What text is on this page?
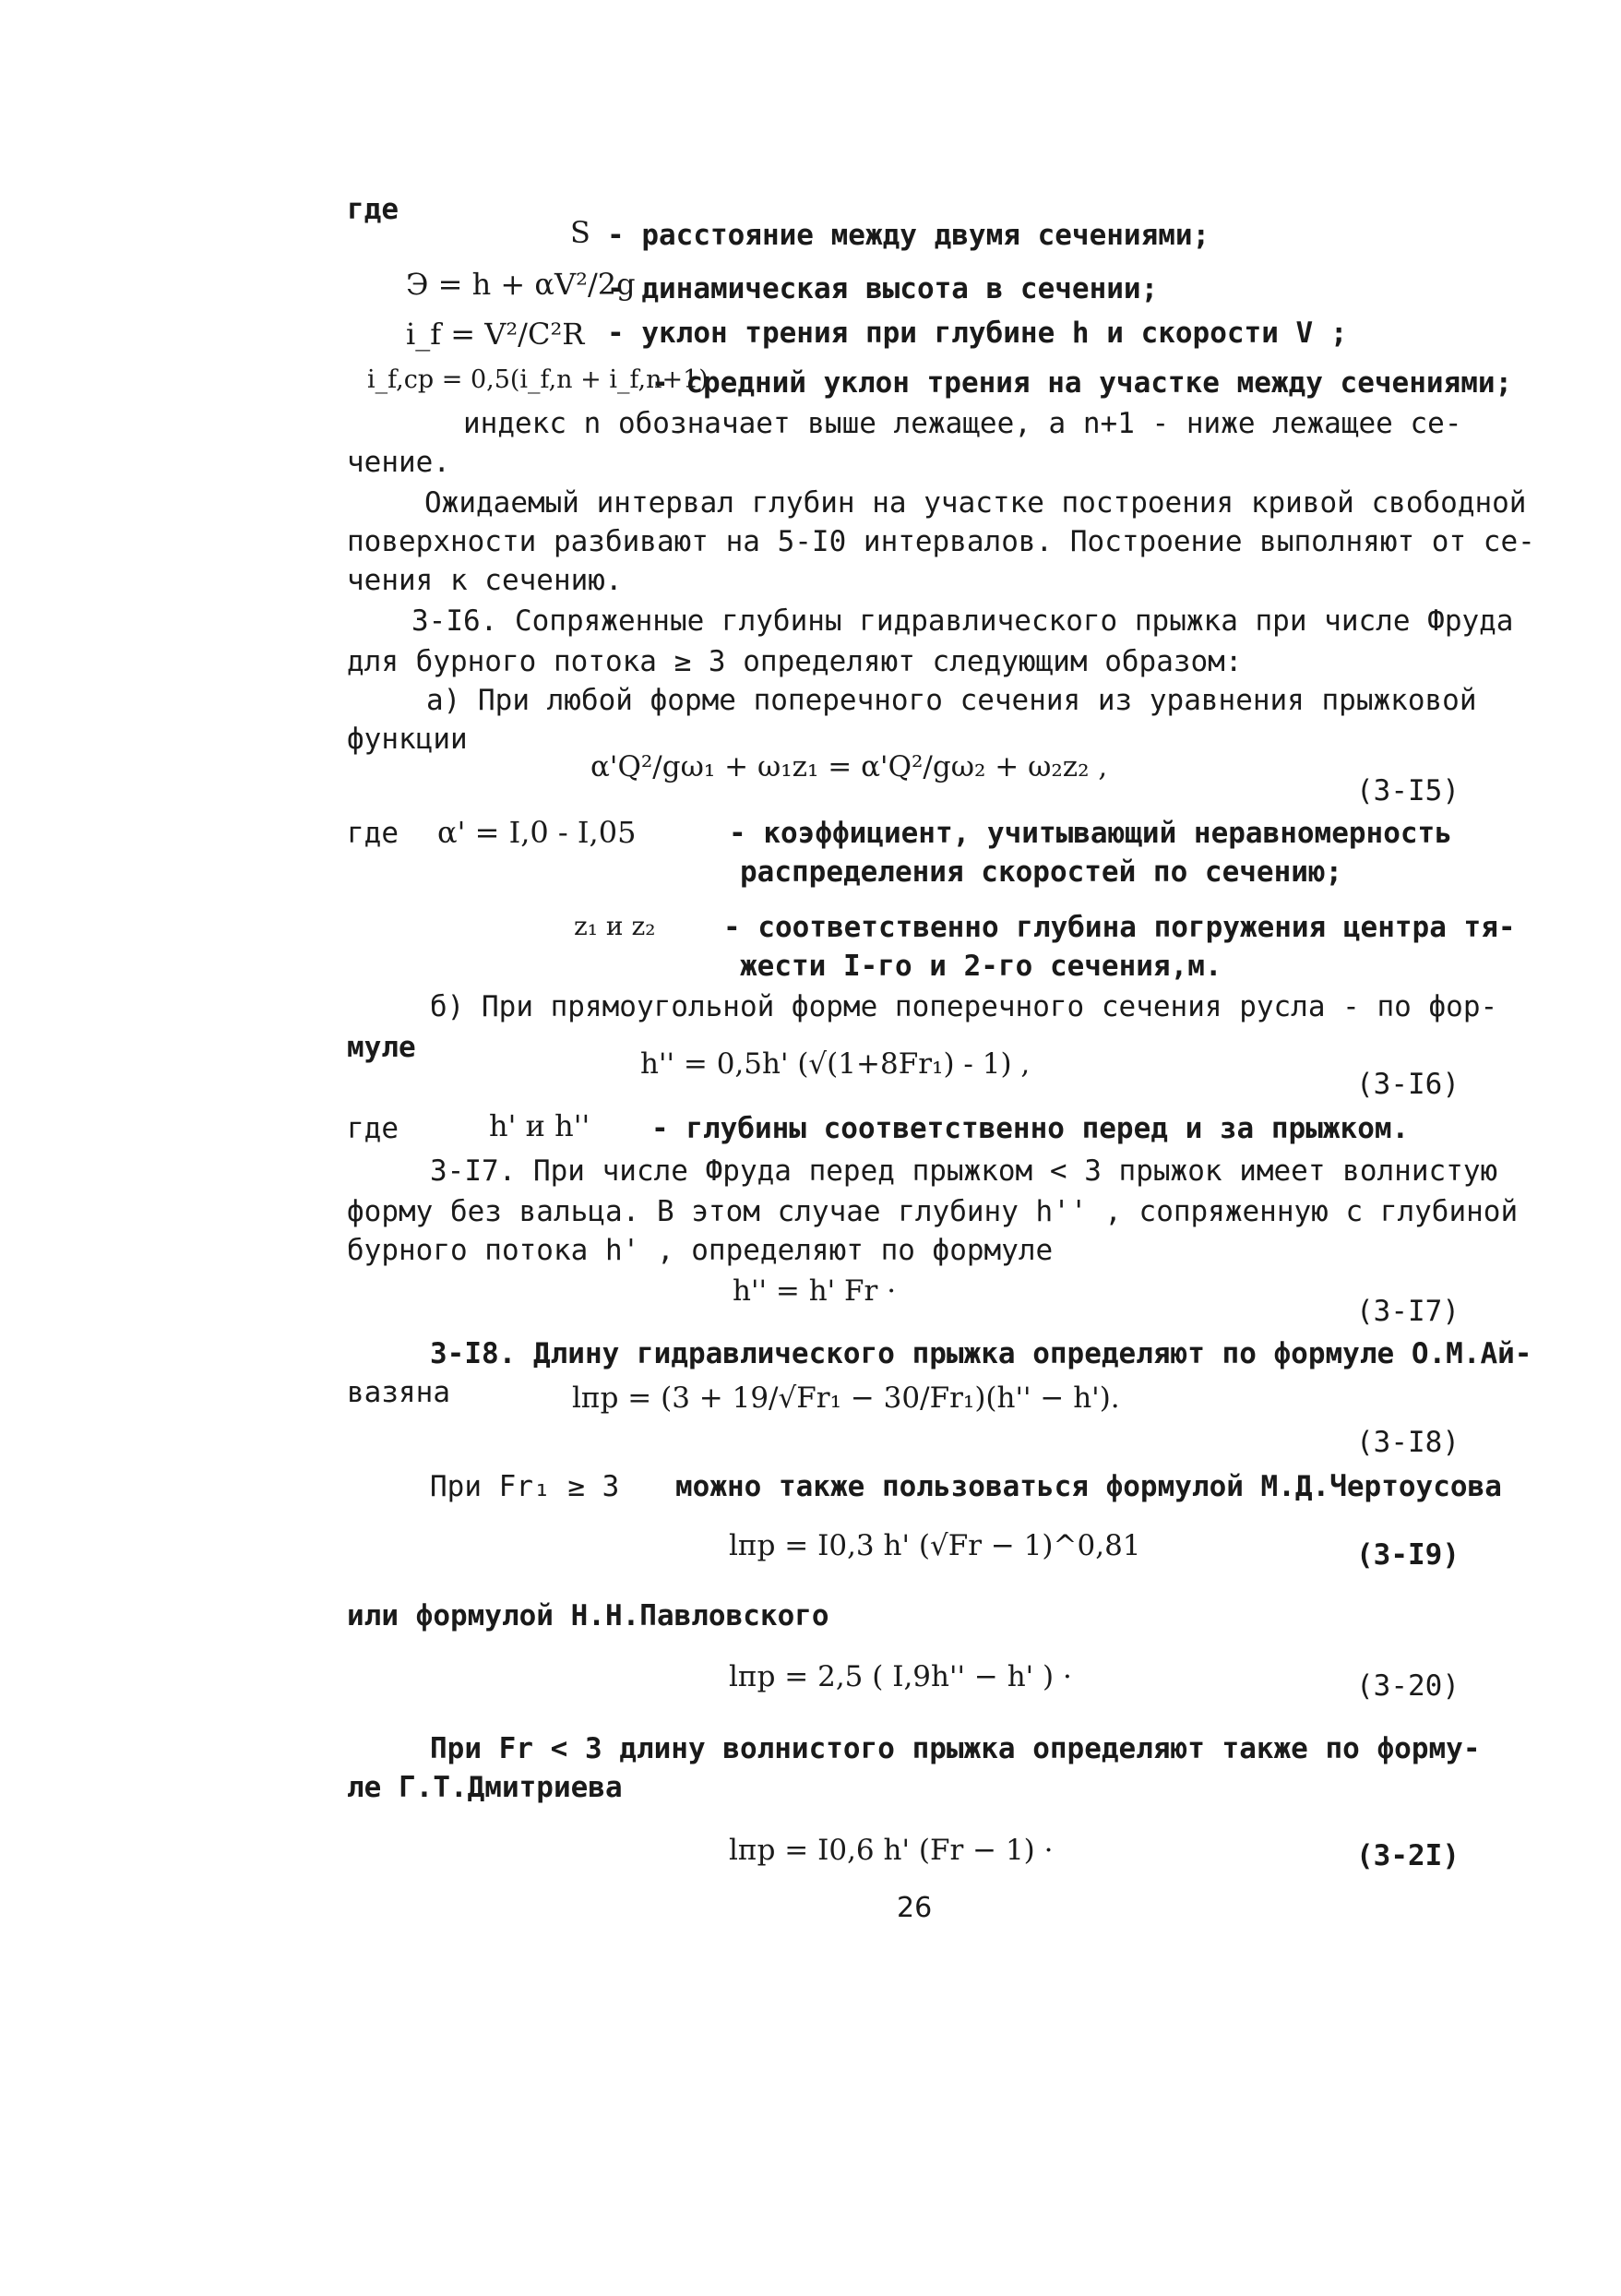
где
S - расстояние между двумя сечениями;
Э = h + αV²/2g
- динамическая высота в сечении;
i_f = V²/C²R - уклон трения при глубине h и скорости V ;
i_f,cp = 0,5(i_f,n + i_f,n+1)
- средний уклон трения на участке между сечениями;
индекс n обозначает выше лежащее, а n+1 - ниже лежащее се-
чение.
Ожидаемый интервал глубин на участке построения кривой свободной
поверхности разбивают на 5-I0 интервалов. Построение выполняют от се-
чения к сечению.
3-I6. Сопряженные глубины гидравлического прыжка при числе Фруда
для бурного потока ≥ 3 определяют следующим образом:
а) При любой форме поперечного сечения из уравнения прыжковой
функции
α'Q²/gω₁ + ω₁z₁ = α'Q²/gω₂ + ω₂z₂ ,
(3-I5)
где α' = I,0 - I,05	- коэффициент, учитывающий неравномерность
распределения скоростей по сечению;
z₁ и z₂ - соответственно глубина погружения центра тя-
жести I-го и 2-го сечения,м.
б) При прямоугольной форме поперечного сечения русла - по фор-
муле	h'' = 0,5h' (√(1+8Fr₁) - 1) ,
(3-I6)
где	h' и h'' - глубины соответственно перед и за прыжком.
3-I7. При числе Фруда перед прыжком < 3 прыжок имеет волнистую
форму без вальца. В этом случае глубину h'' , сопряженную с глубиной
бурного потока h' , определяют по формуле
h'' = h' Fr ·
(3-I7)
3-I8. Длину гидравлического прыжка определяют по формуле О.М.Ай-
вазяна	lпр = (3 + 19/√Fr₁ − 30/Fr₁)(h'' − h').
(3-I8)
При Fr₁ ≥ 3 можно также пользоваться формулой М.Д.Чертоусова
lпр = I0,3 h' (√Fr − 1)^0,81	(3-I9)
или формулой Н.Н.Павловского
lпр = 2,5 ( I,9h'' − h' ) ·	(3-20)
При Fr < 3 длину волнистого прыжка определяют также по форму-
ле Г.Т.Дмитриева
lпр = I0,6 h' (Fr − 1) ·	(3-2I)
26
